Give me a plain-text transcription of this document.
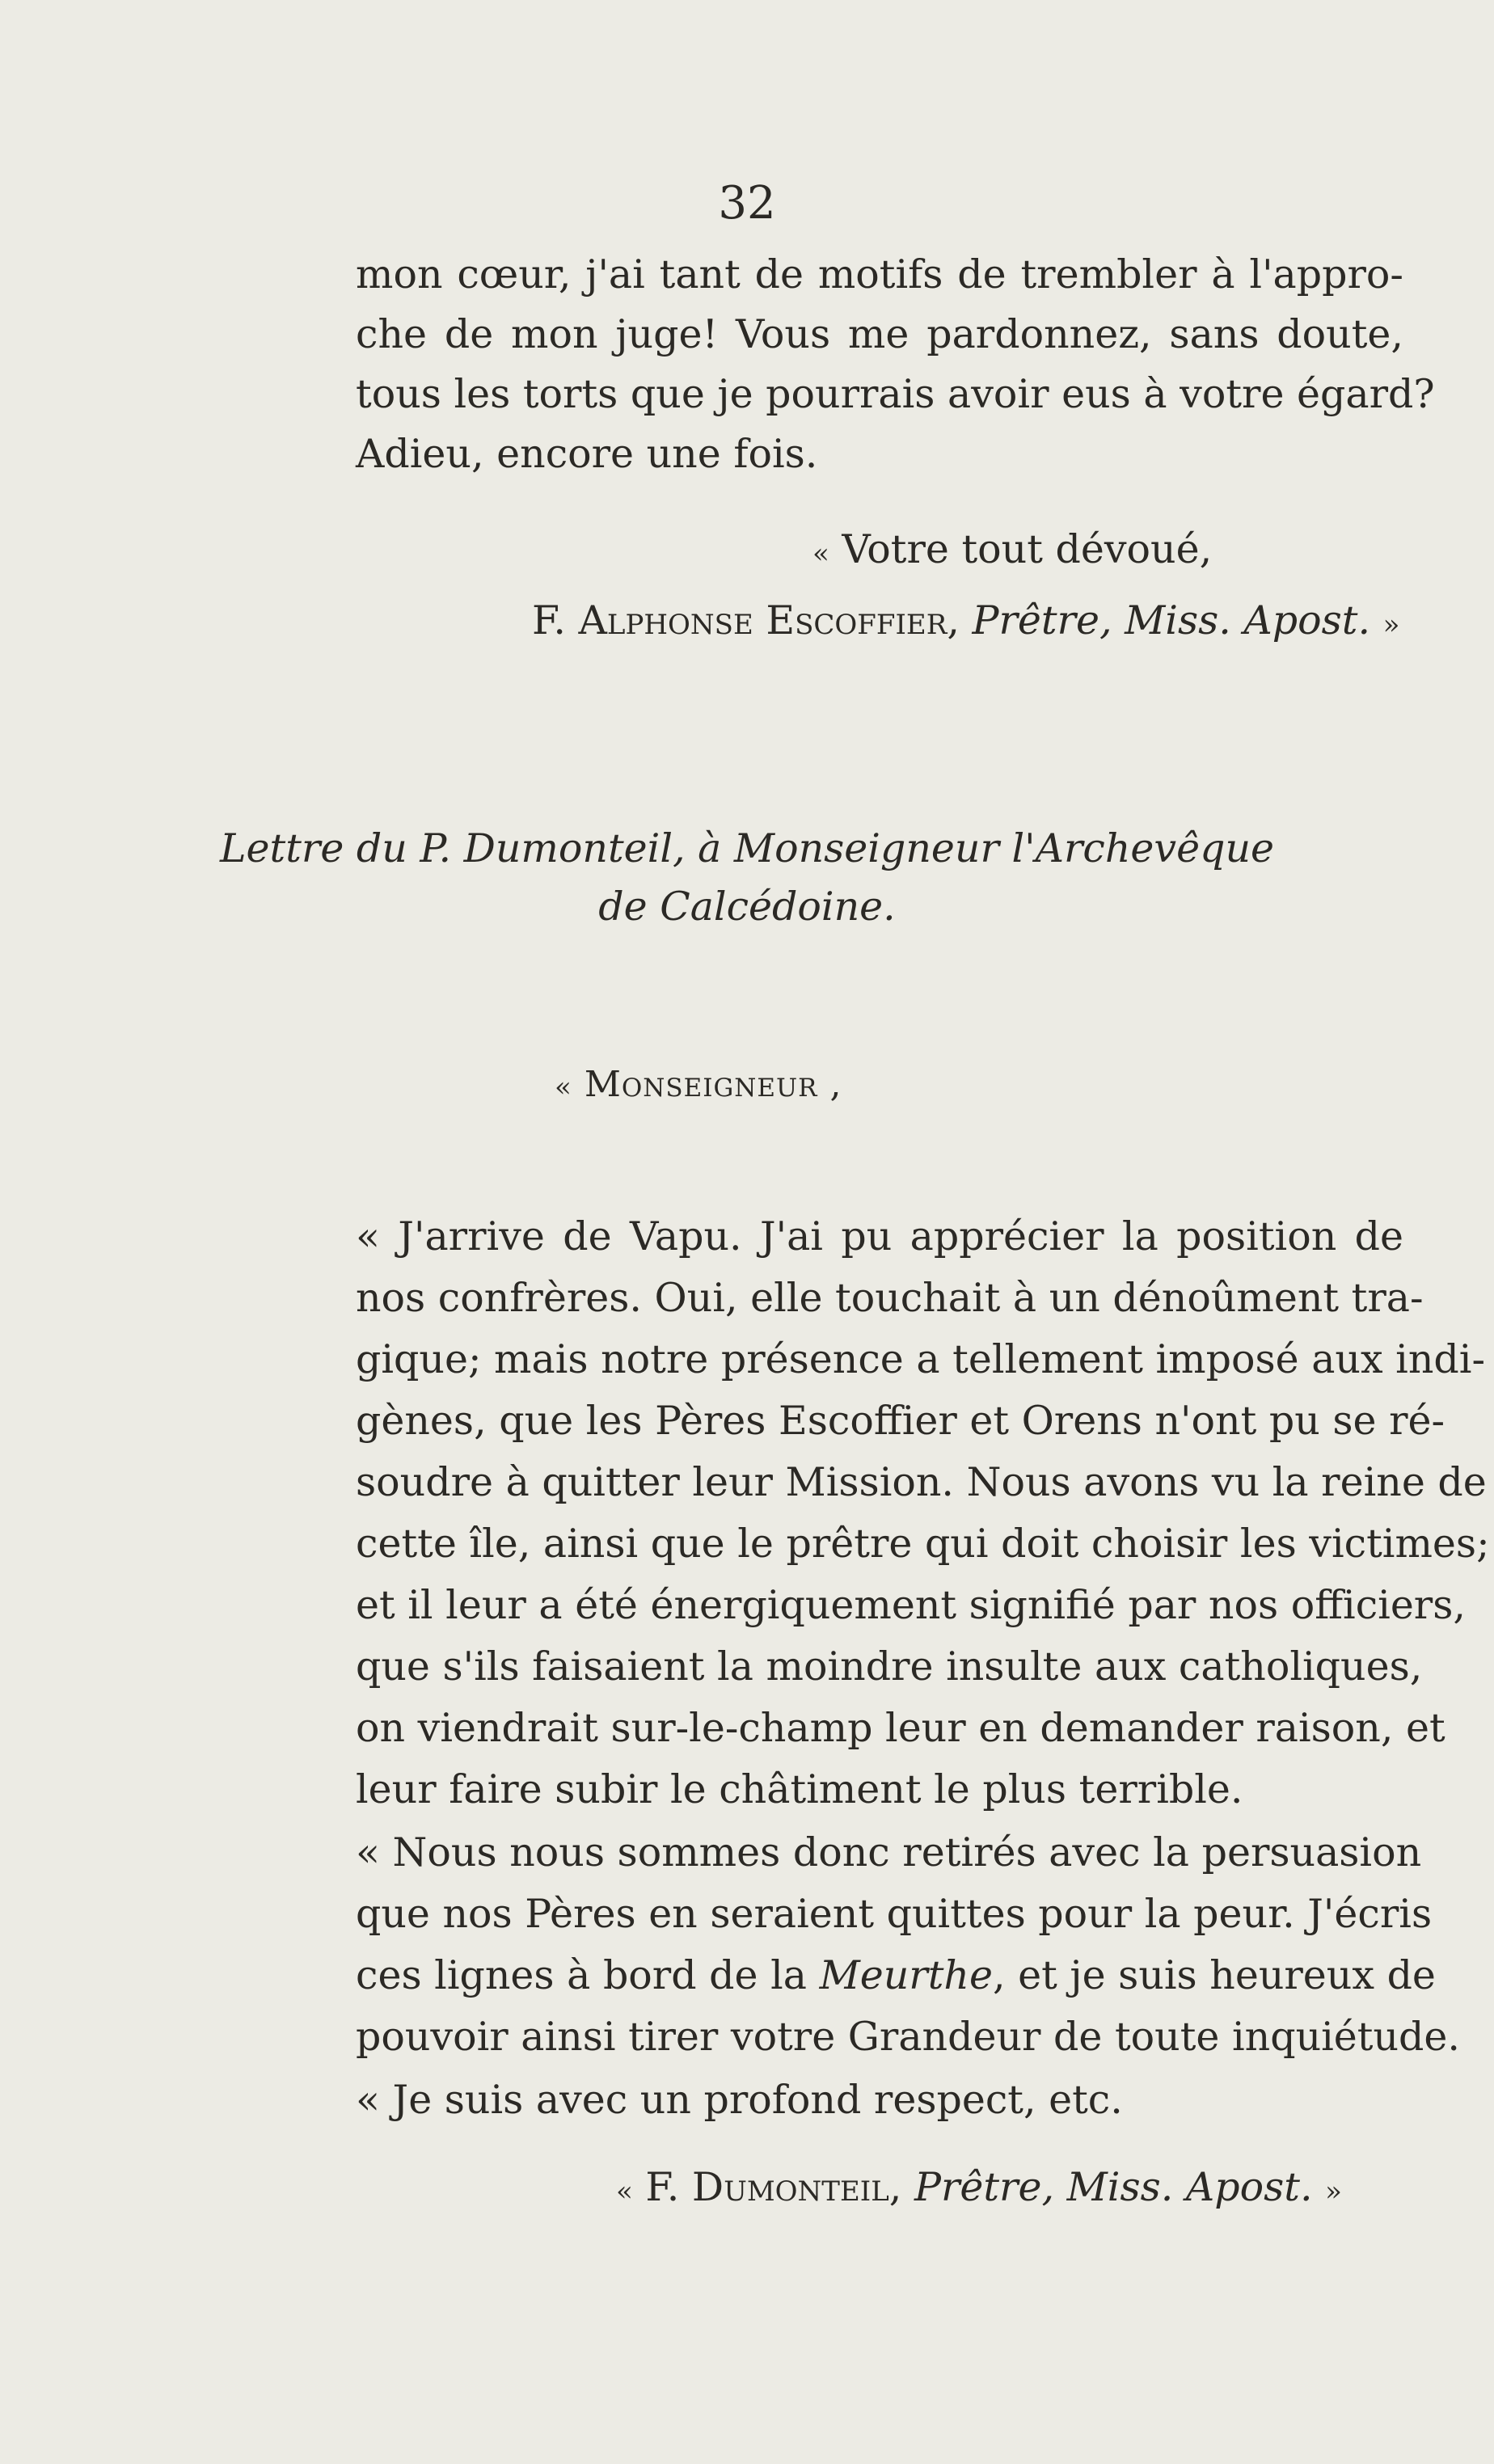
32
mon cœur, j'ai tant de motifs de trembler à l'appro-
che de mon juge! Vous me pardonnez, sans doute,
tous les torts que je pourrais avoir eus à votre égard?
Adieu, encore une fois.
« Votre tout dévoué,
F. Alphonse Escoffier, Prêtre, Miss. Apost. »
Lettre du P. Dumonteil, à Monseigneur l'Archevêque
de Calcédoine.
« Monseigneur ,
« J'arrive de Vapu. J'ai pu apprécier la position de
nos confrères. Oui, elle touchait à un dénoûment tra-
gique; mais notre présence a tellement imposé aux indi-
gènes, que les Pères Escoffier et Orens n'ont pu se ré-
soudre à quitter leur Mission. Nous avons vu la reine de
cette île, ainsi que le prêtre qui doit choisir les victimes;
et il leur a été énergiquement signifié par nos officiers,
que s'ils faisaient la moindre insulte aux catholiques,
on viendrait sur-le-champ leur en demander raison, et
leur faire subir le châtiment le plus terrible.
« Nous nous sommes donc retirés avec la persuasion
que nos Pères en seraient quittes pour la peur. J'écris
ces lignes à bord de la Meurthe, et je suis heureux de
pouvoir ainsi tirer votre Grandeur de toute inquiétude.
« Je suis avec un profond respect, etc.
« F. Dumonteil, Prêtre, Miss. Apost. »
